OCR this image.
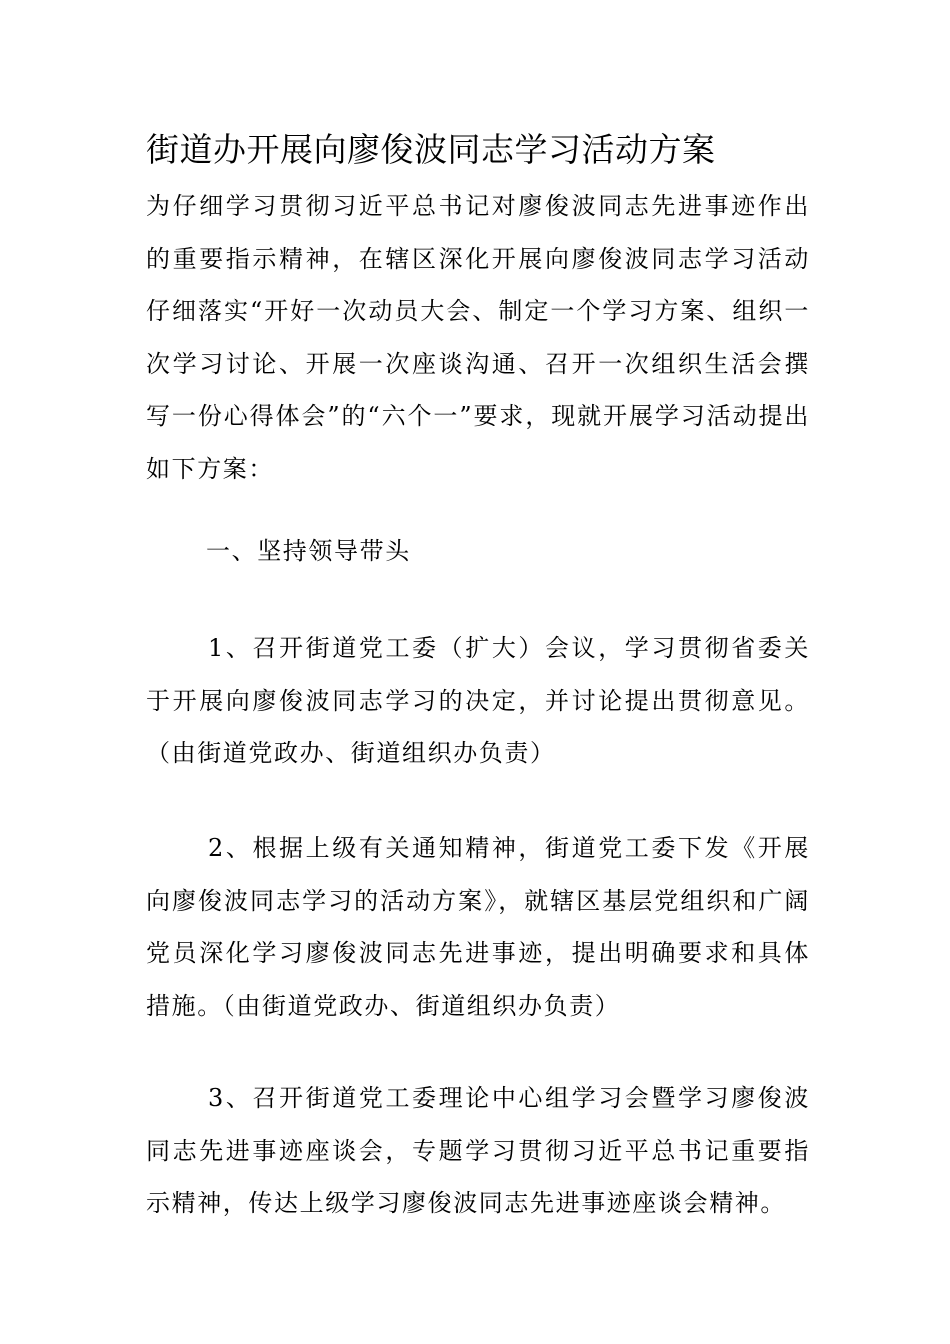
街道办开展向廖俊波同志学习活动方案

为仔细学习贯彻习近平总书记对廖俊波同志先进事迹作出的重要指示精神，在辖区深化开展向廖俊波同志学习活动仔细落实“开好一次动员大会、制定一个学习方案、组织一次学习讨论、开展一次座谈沟通、召开一次组织生活会撰写一份心得体会”的“六个一”要求，现就开展学习活动提出如下方案：

一、坚持领导带头

1、召开街道党工委（扩大）会议，学习贯彻省委关于开展向廖俊波同志学习的决定，并讨论提出贯彻意见。（由街道党政办、街道组织办负责）

2、根据上级有关通知精神，街道党工委下发《开展向廖俊波同志学习的活动方案》，就辖区基层党组织和广阔党员深化学习廖俊波同志先进事迹，提出明确要求和具体措施。（由街道党政办、街道组织办负责）

3、召开街道党工委理论中心组学习会暨学习廖俊波同志先进事迹座谈会，专题学习贯彻习近平总书记重要指示精神，传达上级学习廖俊波同志先进事迹座谈会精神。
